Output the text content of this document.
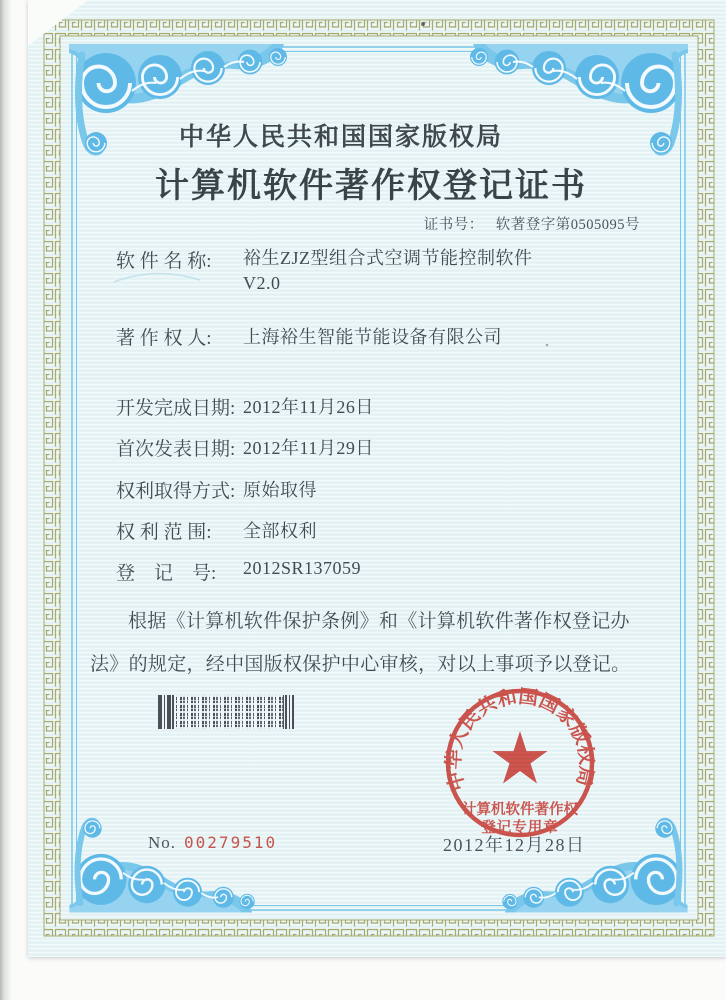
中华人民共和国国家版权局
计算机软件著作权登记证书
证书号： 软著登字第0505095号
软 件 名 称: 裕生ZJZ型组合式空调节能控制软件
V2.0
著 作 权 人: 上海裕生智能节能设备有限公司
开发完成日期: 2012年11月26日
首次发表日期: 2012年11月29日
权利取得方式: 原始取得
权 利 范 围: 全部权利
登　记　号: 2012SR137059

根据《计算机软件保护条例》和《计算机软件著作权登记办法》的规定，经中国版权保护中心审核，对以上事项予以登记。

中华人民共和国国家版权局
计算机软件著作权
登记专用章
2012年12月28日
No. 00279510
